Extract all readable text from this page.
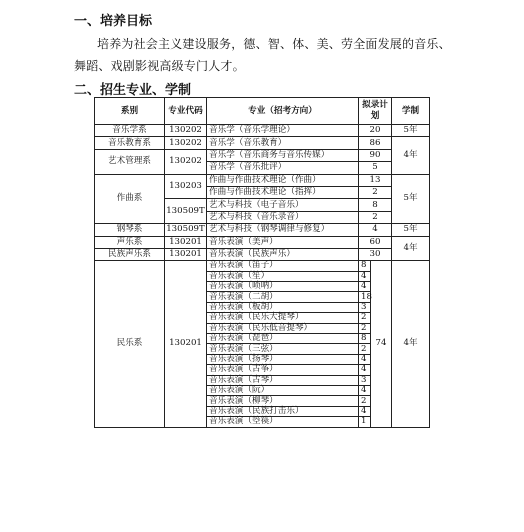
一、培养目标
培养为社会主义建设服务，德、智、体、美、劳全面发展的音乐、舞蹈、戏剧影视高级专门人才。
二、招生专业、学制
系别	专业代码	专业（招考方向）	拟录计划		学制
音乐学系	130202	音乐学（音乐学理论）	20		5年
音乐教育系	130202	音乐学（音乐教育）	86		4年
艺术管理系	130202	音乐学（音乐商务与音乐传媒）	90		
		音乐学（音乐批评）	5		
作曲系	130203	作曲与作曲技术理论（作曲）	13		5年
		作曲与作曲技术理论（指挥）	2		
	130509T	艺术与科技（电子音乐）	8		
		艺术与科技（音乐录音）	2		
钢琴系	130509T	艺术与科技（钢琴调律与修复）	4		5年
声乐系	130201	音乐表演（美声）	60		4年
民族声乐系	130201	音乐表演（民族声乐）	30		
民乐系	130201	音乐表演（笛子）	8	74	4年
		音乐表演（笙）	4		
		音乐表演（唢呐）	4		
		音乐表演（二胡）	18		
		音乐表演（板胡）	3		
		音乐表演（民乐大提琴）	2		
		音乐表演（民乐低音提琴）	2		
		音乐表演（琵琶）	8		
		音乐表演（三弦）	2		
		音乐表演（扬琴）	4		
		音乐表演（古筝）	4		
		音乐表演（古琴）	3		
		音乐表演（阮）	4		
		音乐表演（柳琴）	2		
		音乐表演（民族打击乐）	4		
		音乐表演（箜篌）	1		
